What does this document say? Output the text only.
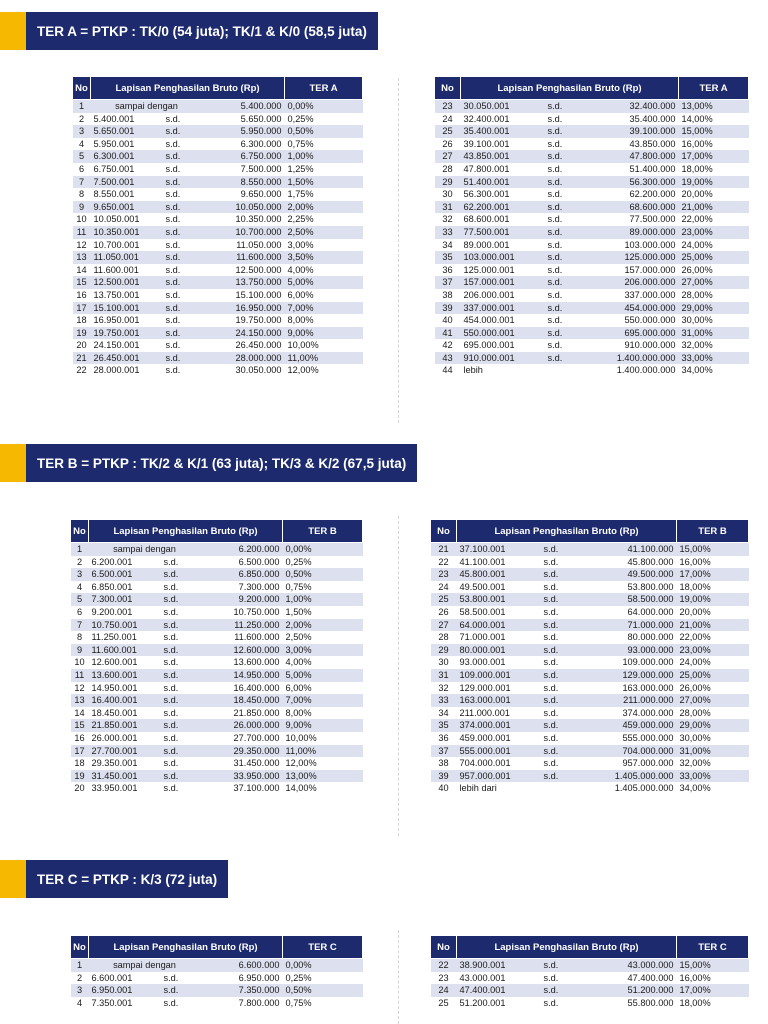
TER A = PTKP : TK/0 (54 juta); TK/1 & K/0 (58,5 juta)
No	Lapisan Penghasilan Bruto (Rp)			TER A
1	sampai dengan		5.400.000	0,00%
2	5.400.001	s.d.	5.650.000	0,25%
3	5.650.001	s.d.	5.950.000	0,50%
4	5.950.001	s.d.	6.300.000	0,75%
5	6.300.001	s.d.	6.750.000	1,00%
6	6.750.001	s.d.	7.500.000	1,25%
7	7.500.001	s.d.	8.550.000	1,50%
8	8.550.001	s.d.	9.650.000	1,75%
9	9.650.001	s.d.	10.050.000	2,00%
10	10.050.001	s.d.	10.350.000	2,25%
11	10.350.001	s.d.	10.700.000	2,50%
12	10.700.001	s.d.	11.050.000	3,00%
13	11.050.001	s.d.	11.600.000	3,50%
14	11.600.001	s.d.	12.500.000	4,00%
15	12.500.001	s.d.	13.750.000	5,00%
16	13.750.001	s.d.	15.100.000	6,00%
17	15.100.001	s.d.	16.950.000	7,00%
18	16.950.001	s.d.	19.750.000	8,00%
19	19.750.001	s.d.	24.150.000	9,00%
20	24.150.001	s.d.	26.450.000	10,00%
21	26.450.001	s.d.	28.000.000	11,00%
22	28.000.001	s.d.	30.050.000	12,00%
No	Lapisan Penghasilan Bruto (Rp)			TER A
23	30.050.001	s.d.	32.400.000	13,00%
24	32.400.001	s.d.	35.400.000	14,00%
25	35.400.001	s.d.	39.100.000	15,00%
26	39.100.001	s.d.	43.850.000	16,00%
27	43.850.001	s.d.	47.800.000	17,00%
28	47.800.001	s.d.	51.400.000	18,00%
29	51.400.001	s.d.	56.300.000	19,00%
30	56.300.001	s.d.	62.200.000	20,00%
31	62.200.001	s.d.	68.600.000	21,00%
32	68.600.001	s.d.	77.500.000	22,00%
33	77.500.001	s.d.	89.000.000	23,00%
34	89.000.001	s.d.	103.000.000	24,00%
35	103.000.001	s.d.	125.000.000	25,00%
36	125.000.001	s.d.	157.000.000	26,00%
37	157.000.001	s.d.	206.000.000	27,00%
38	206.000.001	s.d.	337.000.000	28,00%
39	337.000.001	s.d.	454.000.000	29,00%
40	454.000.001	s.d.	550.000.000	30,00%
41	550.000.001	s.d.	695.000.000	31,00%
42	695.000.001	s.d.	910.000.000	32,00%
43	910.000.001	s.d.	1.400.000.000	33,00%
44	lebih		1.400.000.000	34,00%
TER B = PTKP : TK/2 & K/1 (63 juta); TK/3 & K/2 (67,5 juta)
No	Lapisan Penghasilan Bruto (Rp)			TER B
1	sampai dengan		6.200.000	0,00%
2	6.200.001	s.d.	6.500.000	0,25%
3	6.500.001	s.d.	6.850.000	0,50%
4	6.850.001	s.d.	7.300.000	0,75%
5	7.300.001	s.d.	9.200.000	1,00%
6	9.200.001	s.d.	10.750.000	1,50%
7	10.750.001	s.d.	11.250.000	2,00%
8	11.250.001	s.d.	11.600.000	2,50%
9	11.600.001	s.d.	12.600.000	3,00%
10	12.600.001	s.d.	13.600.000	4,00%
11	13.600.001	s.d.	14.950.000	5,00%
12	14.950.001	s.d.	16.400.000	6,00%
13	16.400.001	s.d.	18.450.000	7,00%
14	18.450.001	s.d.	21.850.000	8,00%
15	21.850.001	s.d.	26.000.000	9,00%
16	26.000.001	s.d.	27.700.000	10,00%
17	27.700.001	s.d.	29.350.000	11,00%
18	29.350.001	s.d.	31.450.000	12,00%
19	31.450.001	s.d.	33.950.000	13,00%
20	33.950.001	s.d.	37.100.000	14,00%
No	Lapisan Penghasilan Bruto (Rp)			TER B
21	37.100.001	s.d.	41.100.000	15,00%
22	41.100.001	s.d.	45.800.000	16,00%
23	45.800.001	s.d.	49.500.000	17,00%
24	49.500.001	s.d.	53.800.000	18,00%
25	53.800.001	s.d.	58.500.000	19,00%
26	58.500.001	s.d.	64.000.000	20,00%
27	64.000.001	s.d.	71.000.000	21,00%
28	71.000.001	s.d.	80.000.000	22,00%
29	80.000.001	s.d.	93.000.000	23,00%
30	93.000.001	s.d.	109.000.000	24,00%
31	109.000.001	s.d.	129.000.000	25,00%
32	129.000.001	s.d.	163.000.000	26,00%
33	163.000.001	s.d.	211.000.000	27,00%
34	211.000.001	s.d.	374.000.000	28,00%
35	374.000.001	s.d.	459.000.000	29,00%
36	459.000.001	s.d.	555.000.000	30,00%
37	555.000.001	s.d.	704.000.000	31,00%
38	704.000.001	s.d.	957.000.000	32,00%
39	957.000.001	s.d.	1.405.000.000	33,00%
40	lebih dari		1.405.000.000	34,00%
TER C = PTKP : K/3 (72 juta)
No	Lapisan Penghasilan Bruto (Rp)			TER C
1	sampai dengan		6.600.000	0,00%
2	6.600.001	s.d.	6.950.000	0,25%
3	6.950.001	s.d.	7.350.000	0,50%
4	7.350.001	s.d.	7.800.000	0,75%
No	Lapisan Penghasilan Bruto (Rp)			TER C
22	38.900.001	s.d.	43.000.000	15,00%
23	43.000.001	s.d.	47.400.000	16,00%
24	47.400.001	s.d.	51.200.000	17,00%
25	51.200.001	s.d.	55.800.000	18,00%
